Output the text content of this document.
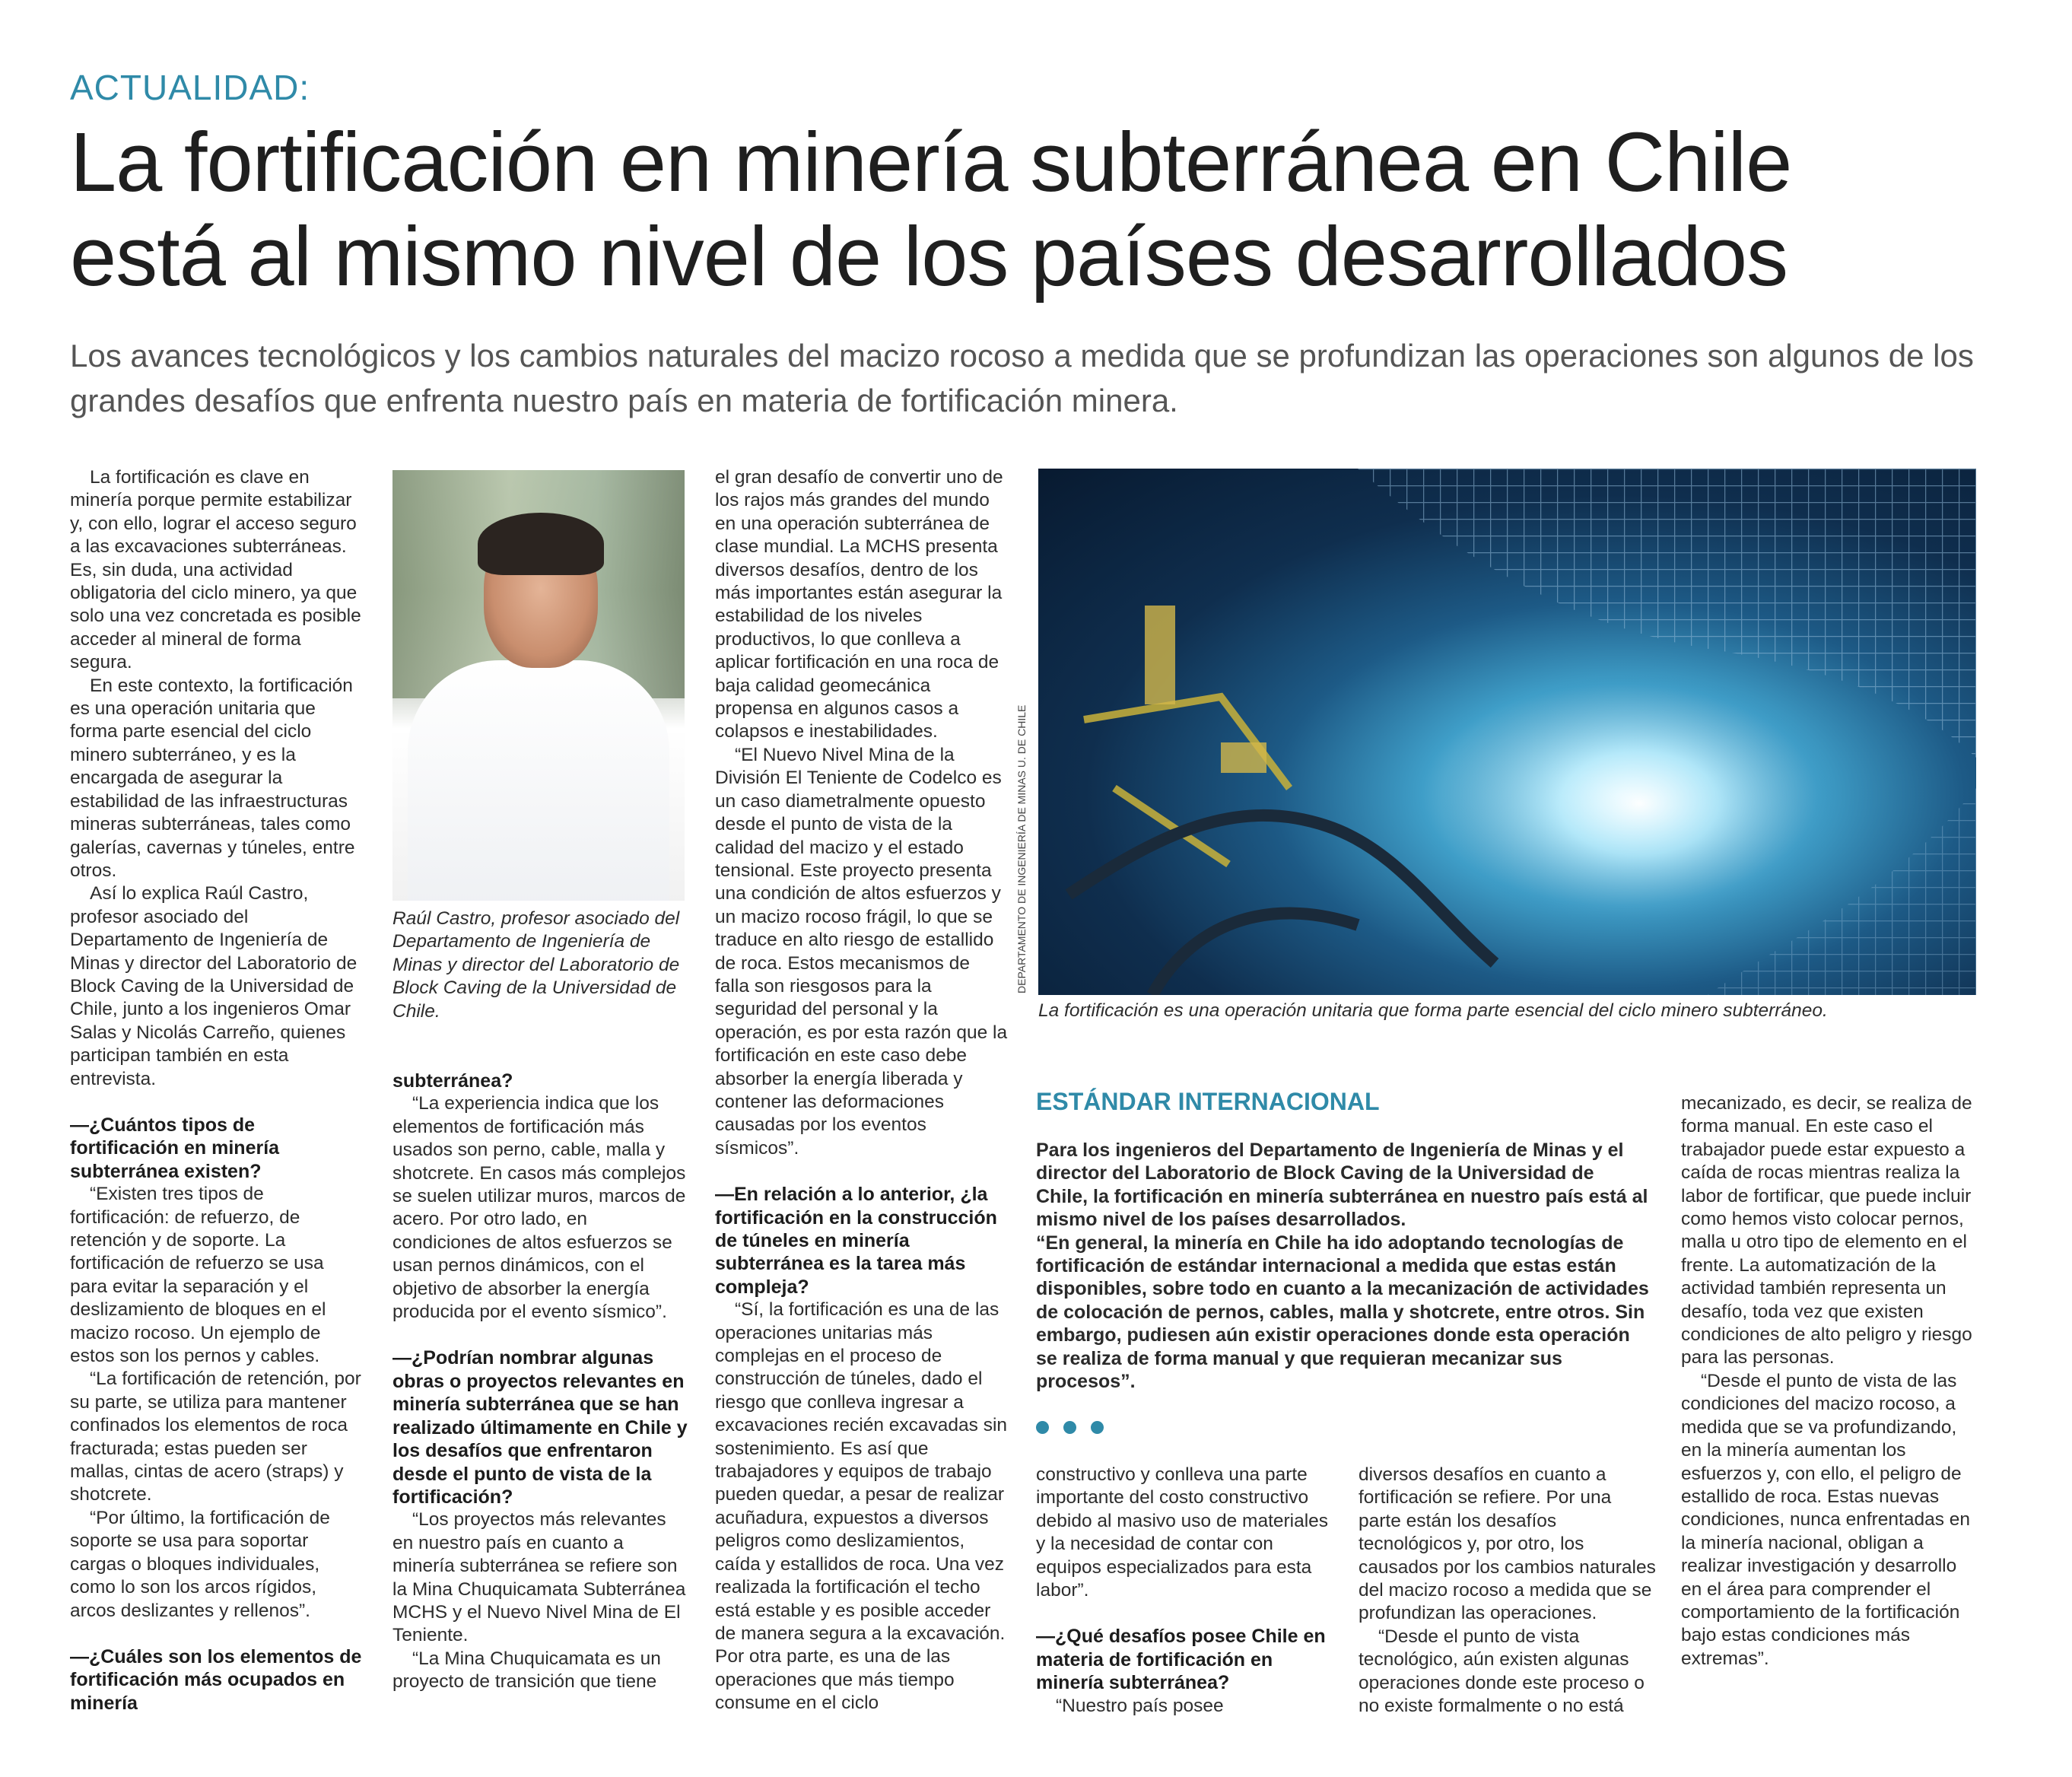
ACTUALIDAD:
La fortificación en minería subterránea en Chile
está al mismo nivel de los países desarrollados

Los avances tecnológicos y los cambios naturales del macizo rocoso a medida que se profundizan las operaciones son algunos de los grandes desafíos que enfrenta nuestro país en materia de fortificación minera.

La fortificación es clave en minería porque permite estabilizar y, con ello, lograr el acceso seguro a las excavaciones subterráneas. Es, sin duda, una actividad obligatoria del ciclo minero, ya que solo una vez concretada es posible acceder al mineral de forma segura.

En este contexto, la fortificación es una operación unitaria que forma parte esencial del ciclo minero subterráneo, y es la encargada de asegurar la estabilidad de las infraestructuras mineras subterráneas, tales como galerías, cavernas y túneles, entre otros.

Así lo explica Raúl Castro, profesor asociado del Departamento de Ingeniería de Minas y director del Laboratorio de Block Caving de la Universidad de Chile, junto a los ingenieros Omar Salas y Nicolás Carreño, quienes participan también en esta entrevista.

—¿Cuántos tipos de fortificación en minería subterránea existen?

“Existen tres tipos de fortificación: de refuerzo, de retención y de soporte. La fortificación de refuerzo se usa para evitar la separación y el deslizamiento de bloques en el macizo rocoso. Un ejemplo de estos son los pernos y cables.

“La fortificación de retención, por su parte, se utiliza para mantener confinados los elementos de roca fracturada; estas pueden ser mallas, cintas de acero (straps) y shotcrete.

“Por último, la fortificación de soporte se usa para soportar cargas o bloques individuales, como lo son los arcos rígidos, arcos deslizantes y rellenos”.

—¿Cuáles son los elementos de fortificación más ocupados en minería

Raúl Castro, profesor asociado del Departamento de Ingeniería de Minas y director del Laboratorio de Block Caving de la Universidad de Chile.

subterránea?

“La experiencia indica que los elementos de fortificación más usados son perno, cable, malla y shotcrete. En casos más complejos se suelen utilizar muros, marcos de acero. Por otro lado, en condiciones de altos esfuerzos se usan pernos dinámicos, con el objetivo de absorber la energía producida por el evento sísmico”.

—¿Podrían nombrar algunas obras o proyectos relevantes en minería subterránea que se han realizado últimamente en Chile y los desafíos que enfrentaron desde el punto de vista de la fortificación?

“Los proyectos más relevantes en nuestro país en cuanto a minería subterránea se refiere son la Mina Chuquicamata Subterránea MCHS y el Nuevo Nivel Mina de El Teniente.

“La Mina Chuquicamata es un proyecto de transición que tiene

el gran desafío de convertir uno de los rajos más grandes del mundo en una operación subterránea de clase mundial. La MCHS presenta diversos desafíos, dentro de los más importantes están asegurar la estabilidad de los niveles productivos, lo que conlleva a aplicar fortificación en una roca de baja calidad geomecánica propensa en algunos casos a colapsos e inestabilidades.

“El Nuevo Nivel Mina de la División El Teniente de Codelco es un caso diametralmente opuesto desde el punto de vista de la calidad del macizo y el estado tensional. Este proyecto presenta una condición de altos esfuerzos y un macizo rocoso frágil, lo que se traduce en alto riesgo de estallido de roca. Estos mecanismos de falla son riesgosos para la seguridad del personal y la operación, es por esta razón que la fortificación en este caso debe absorber la energía liberada y contener las deformaciones causadas por los eventos sísmicos”.

—En relación a lo anterior, ¿la fortificación en la construcción de túneles en minería subterránea es la tarea más compleja?

“Sí, la fortificación es una de las operaciones unitarias más complejas en el proceso de construcción de túneles, dado el riesgo que conlleva ingresar a excavaciones recién excavadas sin sostenimiento. Es así que trabajadores y equipos de trabajo pueden quedar, a pesar de realizar acuñadura, expuestos a diversos peligros como deslizamientos, caída y estallidos de roca. Una vez realizada la fortificación el techo está estable y es posible acceder de manera segura a la excavación. Por otra parte, es una de las operaciones que más tiempo consume en el ciclo

DEPARTAMENTO DE INGENIERÍA DE MINAS U. DE CHILE

La fortificación es una operación unitaria que forma parte esencial del ciclo minero subterráneo.

ESTÁNDAR INTERNACIONAL

Para los ingenieros del Departamento de Ingeniería de Minas y el director del Laboratorio de Block Caving de la Universidad de Chile, la fortificación en minería subterránea en nuestro país está al mismo nivel de los países desarrollados.

“En general, la minería en Chile ha ido adoptando tecnologías de fortificación de estándar internacional a medida que estas están disponibles, sobre todo en cuanto a la mecanización de actividades de colocación de pernos, cables, malla y shotcrete, entre otros. Sin embargo, pudiesen aún existir operaciones donde esta operación se realiza de forma manual y que requieran mecanizar sus procesos”.

constructivo y conlleva una parte importante del costo constructivo debido al masivo uso de materiales y la necesidad de contar con equipos especializados para esta labor”.

—¿Qué desafíos posee Chile en materia de fortificación en minería subterránea?

“Nuestro país posee

diversos desafíos en cuanto a fortificación se refiere. Por una parte están los desafíos tecnológicos y, por otro, los causados por los cambios naturales del macizo rocoso a medida que se profundizan las operaciones.

“Desde el punto de vista tecnológico, aún existen algunas operaciones donde este proceso o no existe formalmente o no está

mecanizado, es decir, se realiza de forma manual. En este caso el trabajador puede estar expuesto a caída de rocas mientras realiza la labor de fortificar, que puede incluir como hemos visto colocar pernos, malla u otro tipo de elemento en el frente. La automatización de la actividad también representa un desafío, toda vez que existen condiciones de alto peligro y riesgo para las personas.

“Desde el punto de vista de las condiciones del macizo rocoso, a medida que se va profundizando, en la minería aumentan los esfuerzos y, con ello, el peligro de estallido de roca. Estas nuevas condiciones, nunca enfrentadas en la minería nacional, obligan a realizar investigación y desarrollo en el área para comprender el comportamiento de la fortificación bajo estas condiciones más extremas”.
